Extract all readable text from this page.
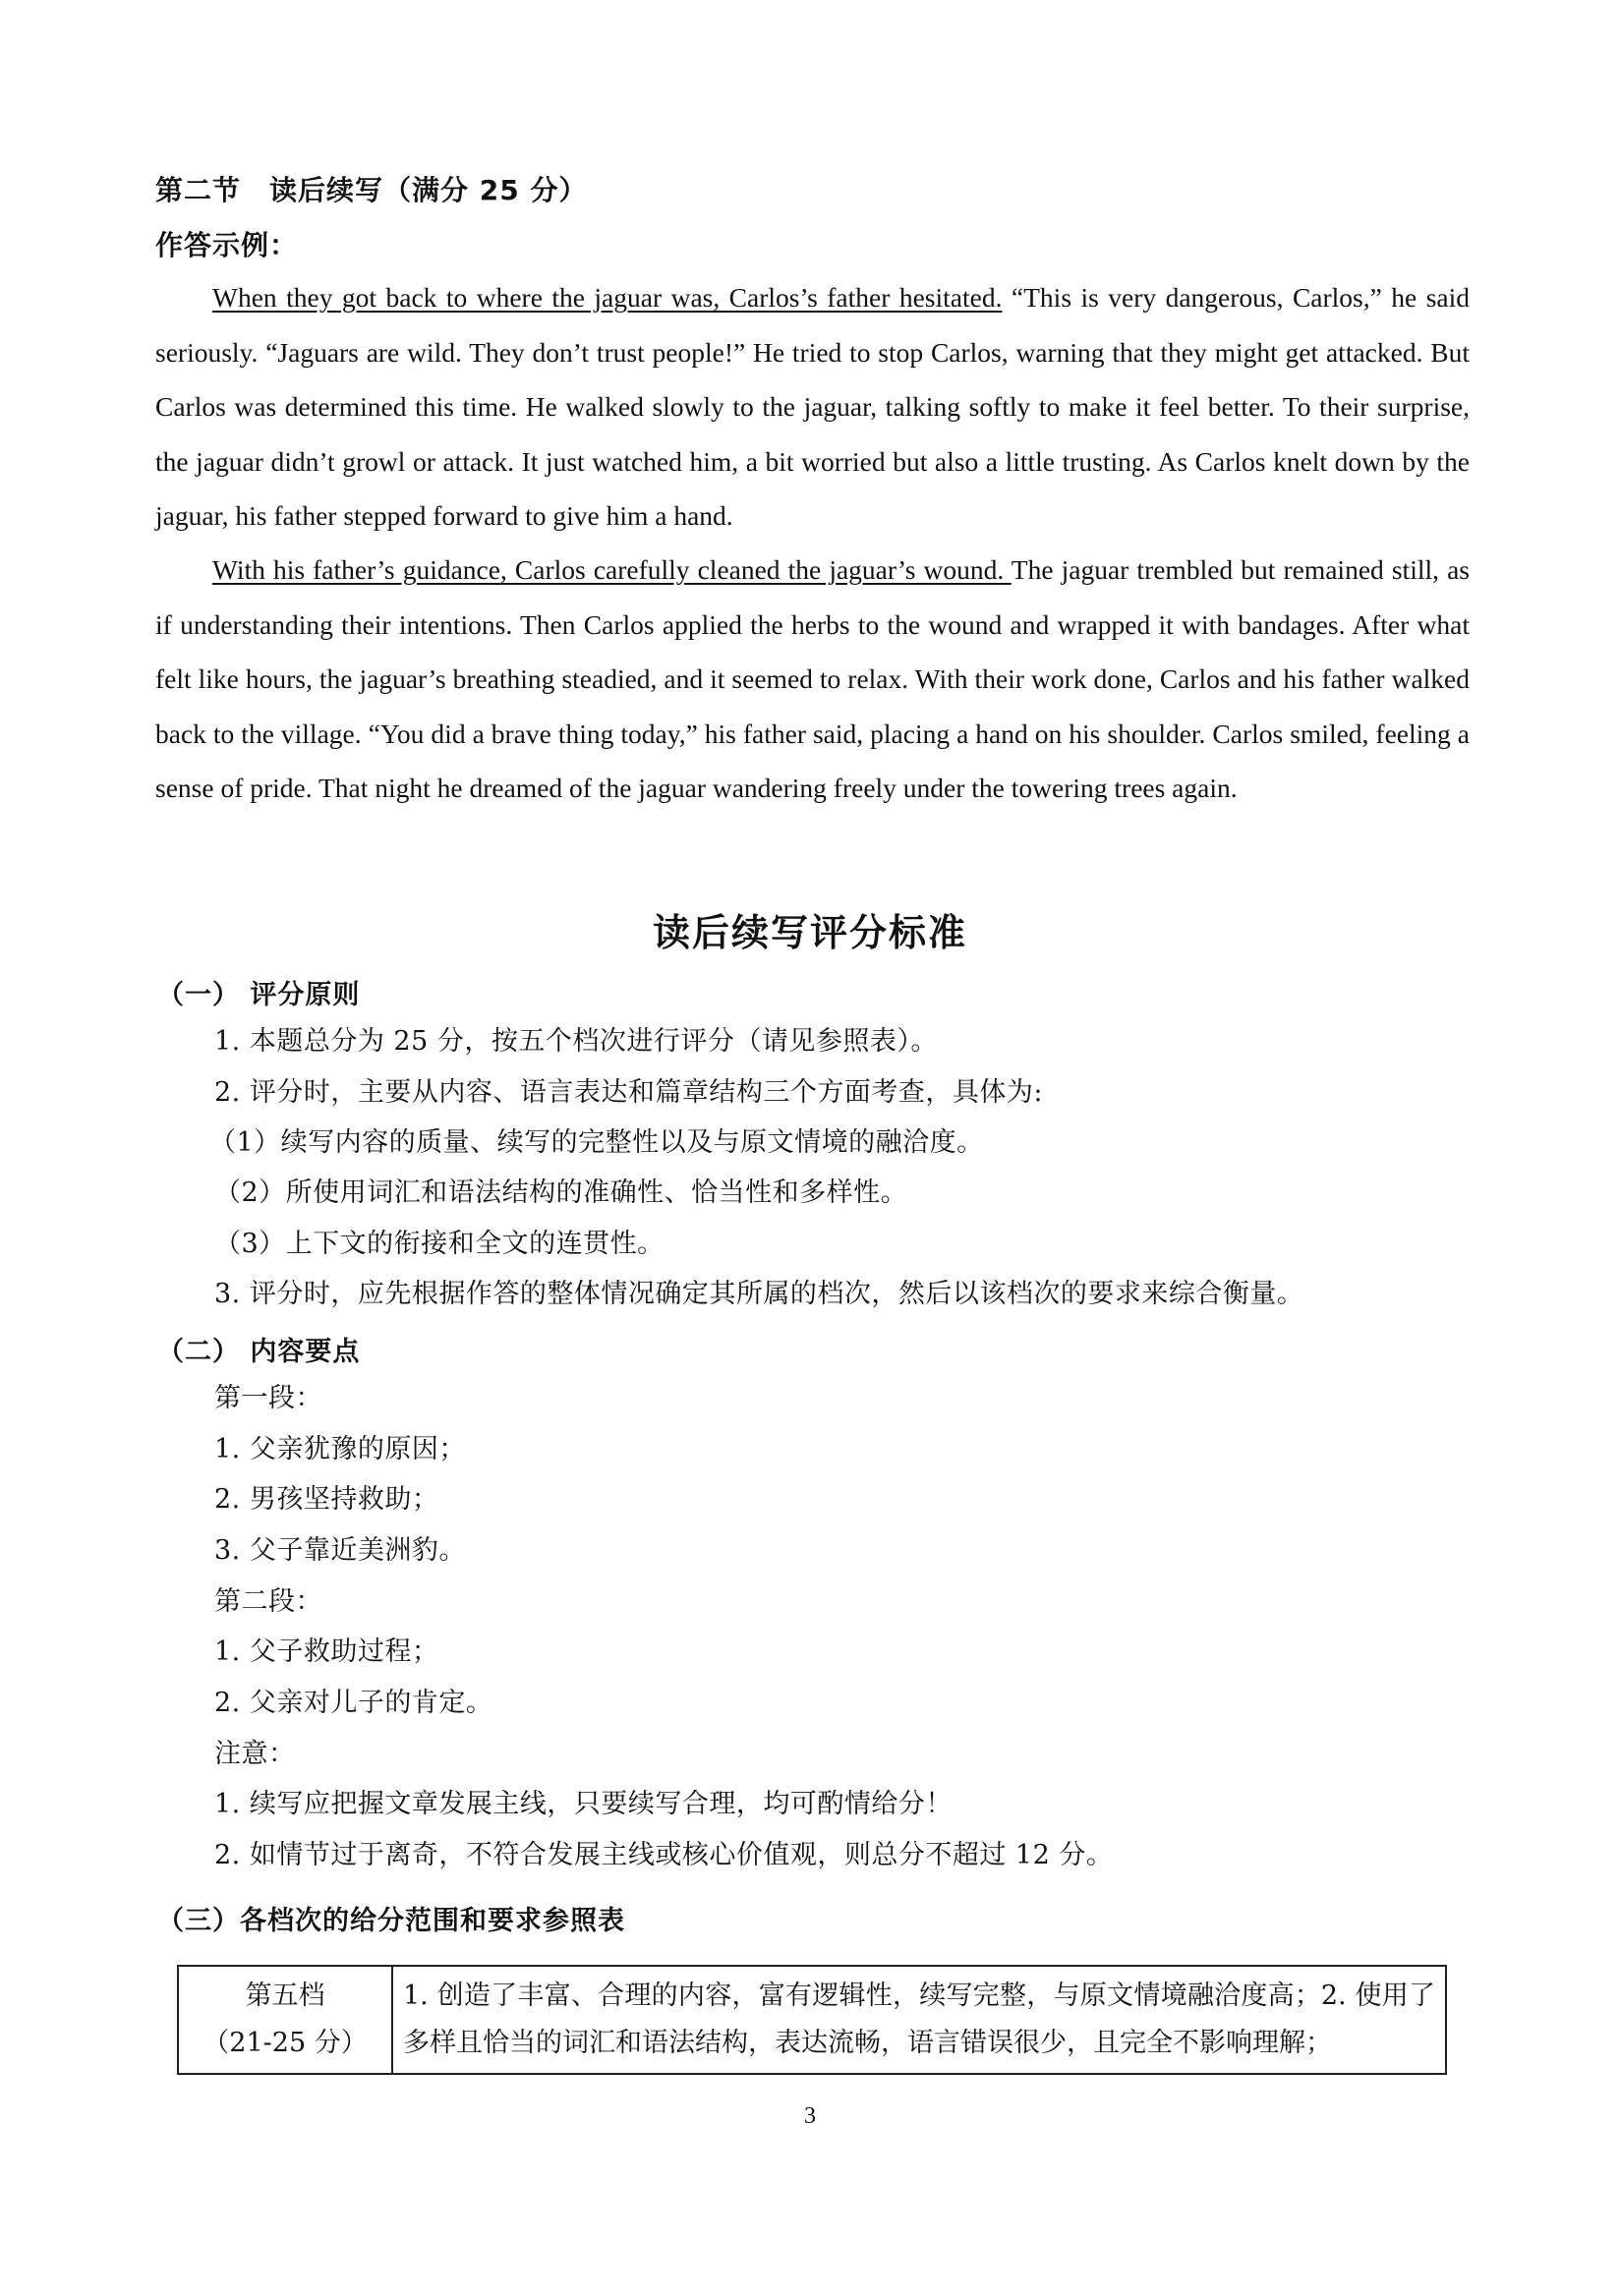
第二节　读后续写（满分 25 分）
作答示例：

When they got back to where the jaguar was, Carlos’s father hesitated. “This is very dangerous, Carlos,” he said seriously. “Jaguars are wild. They don’t trust people!” He tried to stop Carlos, warning that they might get attacked. But Carlos was determined this time. He walked slowly to the jaguar, talking softly to make it feel better. To their surprise, the jaguar didn’t growl or attack. It just watched him, a bit worried but also a little trusting. As Carlos knelt down by the jaguar, his father stepped forward to give him a hand.

With his father’s guidance, Carlos carefully cleaned the jaguar’s wound. The jaguar trembled but remained still, as if understanding their intentions. Then Carlos applied the herbs to the wound and wrapped it with bandages. After what felt like hours, the jaguar’s breathing steadied, and it seemed to relax. With their work done, Carlos and his father walked back to the village. “You did a brave thing today,” his father said, placing a hand on his shoulder. Carlos smiled, feeling a sense of pride. That night he dreamed of the jaguar wandering freely under the towering trees again.

读后续写评分标准
（一） 评分原则
1. 本题总分为 25 分，按五个档次进行评分（请见参照表）。
2. 评分时，主要从内容、语言表达和篇章结构三个方面考查，具体为:
（1）续写内容的质量、续写的完整性以及与原文情境的融洽度。
（2）所使用词汇和语法结构的准确性、恰当性和多样性。
（3）上下文的衔接和全文的连贯性。
3. 评分时，应先根据作答的整体情况确定其所属的档次，然后以该档次的要求来综合衡量。
（二） 内容要点
第一段：
1. 父亲犹豫的原因；
2. 男孩坚持救助；
3. 父子靠近美洲豹。
第二段：
1. 父子救助过程；
2. 父亲对儿子的肯定。
注意：
1. 续写应把握文章发展主线，只要续写合理，均可酌情给分！
2. 如情节过于离奇，不符合发展主线或核心价值观，则总分不超过 12 分。
（三）各档次的给分范围和要求参照表
第五档
（21-25 分）
	1. 创造了丰富、合理的内容，富有逻辑性，续写完整，与原文情境融洽度高；2. 使用了多样且恰当的词汇和语法结构，表达流畅，语言错误很少，且完全不影响理解；
3
